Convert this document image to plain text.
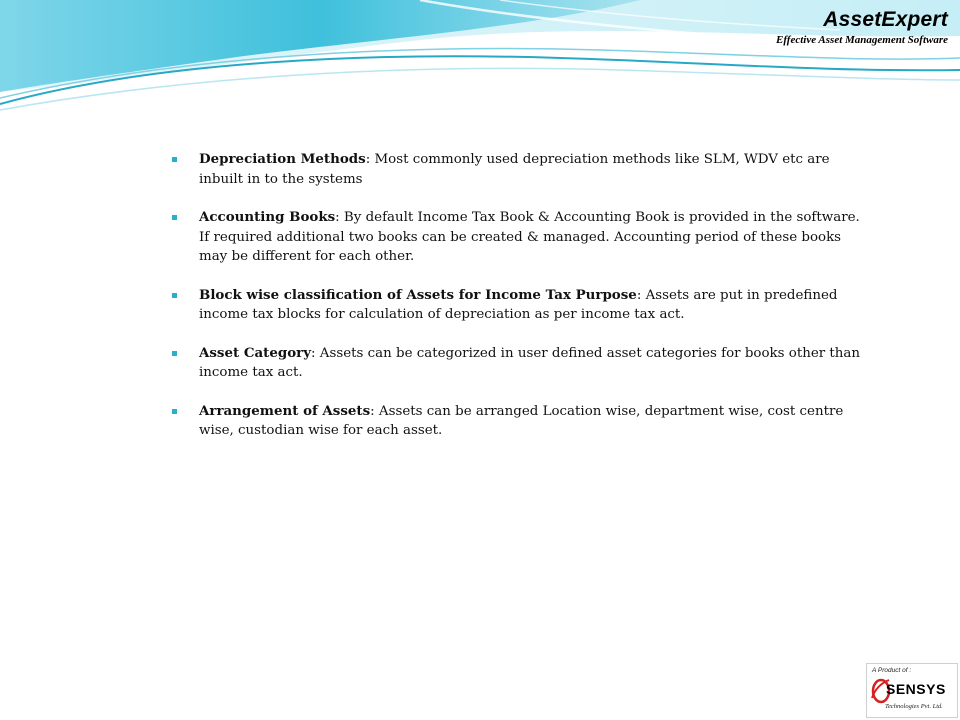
AssetExpert
Effective Asset Management Software
Depreciation Methods: Most commonly used depreciation methods like SLM, WDV etc are inbuilt in to the systems
Accounting Books: By default Income Tax Book & Accounting Book is provided in the software. If required additional two books can be created & managed. Accounting period of these books may be different for each other.
Block wise classification of Assets for Income Tax Purpose: Assets are put in predefined income tax blocks for calculation of depreciation as per income tax act.
Asset Category: Assets can be categorized in user defined asset categories for books other than income tax act.
Arrangement of Assets: Assets can be arranged Location wise, department wise, cost centre wise, custodian wise for each asset.
A Product of :
SENSYS
Technologies Pvt. Ltd.
